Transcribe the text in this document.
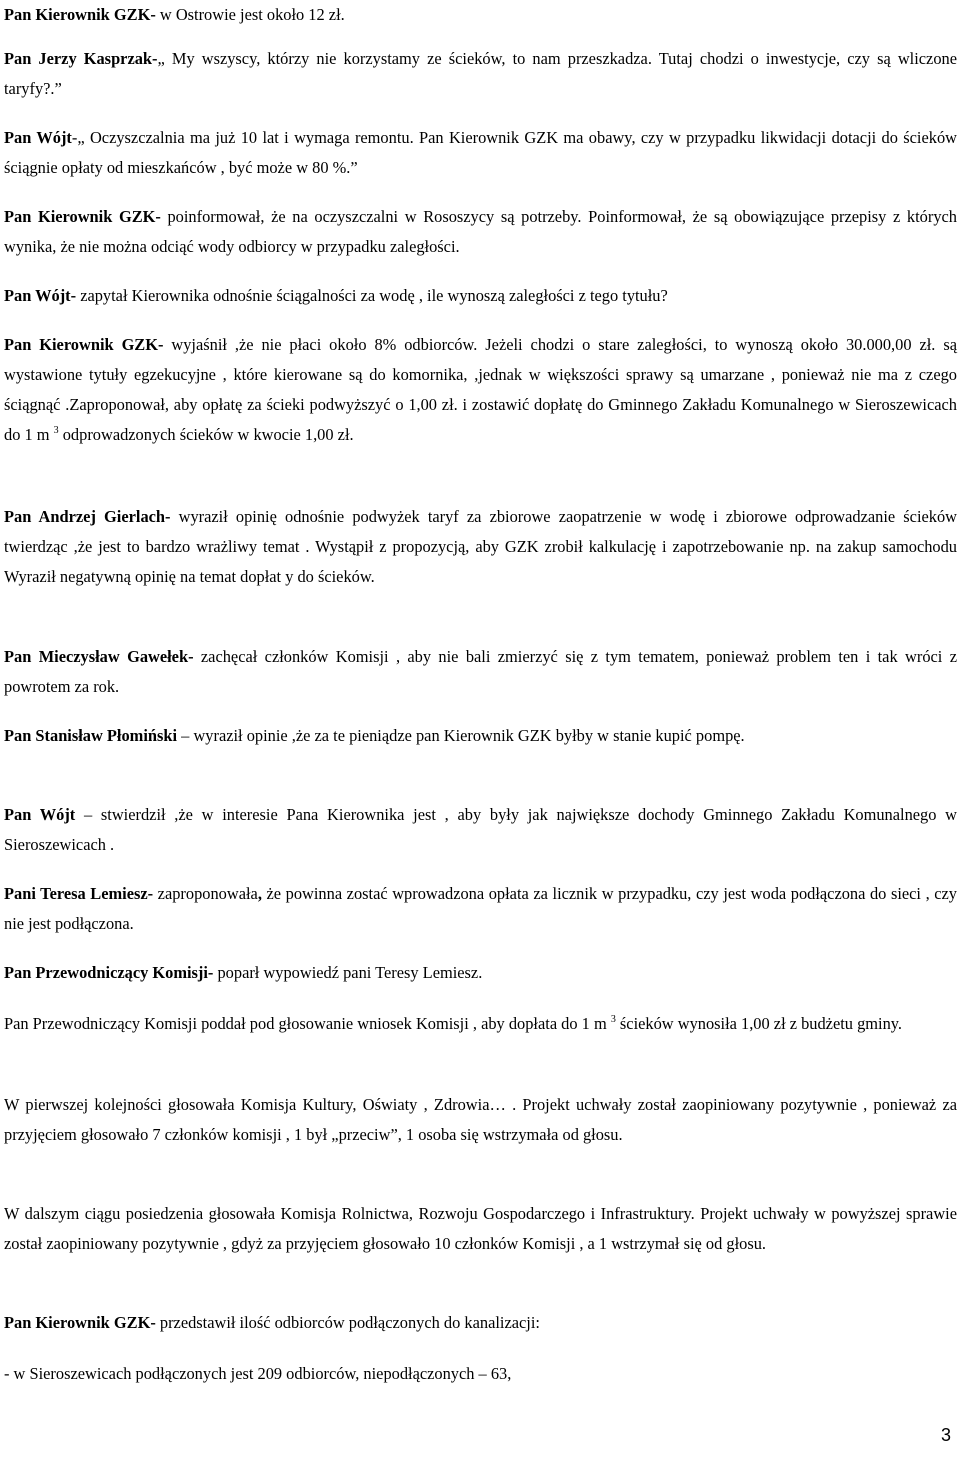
Pan Kierownik GZK- w Ostrowie jest około 12 zł.

Pan Jerzy Kasprzak-„ My wszyscy, którzy nie korzystamy ze ścieków, to nam przeszkadza. Tutaj chodzi o inwestycje, czy są wliczone taryfy?.”

Pan Wójt-„ Oczyszczalnia ma już 10 lat i wymaga remontu. Pan Kierownik GZK ma obawy, czy w przypadku likwidacji dotacji do ścieków ściągnie opłaty od mieszkańców , być może w 80 %.”

Pan Kierownik GZK- poinformował, że na oczyszczalni w Rososzycy są potrzeby. Poinformował, że są obowiązujące przepisy z których wynika, że nie można odciąć wody odbiorcy w przypadku zaległości.

Pan Wójt- zapytał Kierownika odnośnie ściągalności za wodę , ile wynoszą zaległości z tego tytułu?

Pan Kierownik GZK- wyjaśnił ,że nie płaci około 8% odbiorców. Jeżeli chodzi o stare zaległości, to wynoszą około 30.000,00 zł. są wystawione tytuły egzekucyjne , które kierowane są do komornika, ,jednak w większości sprawy są umarzane , ponieważ nie ma z czego ściągnąć .Zaproponował, aby opłatę za ścieki podwyższyć o 1,00 zł. i zostawić dopłatę do Gminnego Zakładu Komunalnego w Sieroszewicach do 1 m $^3$ odprowadzonych ścieków w kwocie 1,00 zł.

Pan Andrzej Gierlach- wyraził opinię odnośnie podwyżek taryf za zbiorowe zaopatrzenie w wodę i zbiorowe odprowadzanie ścieków twierdząc ,że jest to bardzo wrażliwy temat . Wystąpił z propozycją, aby GZK zrobił kalkulację i zapotrzebowanie np. na zakup samochodu Wyraził negatywną opinię na temat dopłat y do ścieków.

Pan Mieczysław Gawełek- zachęcał członków Komisji , aby nie bali zmierzyć się z tym tematem, ponieważ problem ten i tak wróci z powrotem za rok.

Pan Stanisław Płomiński – wyraził opinie ,że za te pieniądze pan Kierownik GZK byłby w stanie kupić pompę.

Pan Wójt – stwierdził ,że w interesie Pana Kierownika jest , aby były jak największe dochody Gminnego Zakładu Komunalnego w Sieroszewicach .

Pani Teresa Lemiesz- zaproponowała, że powinna zostać wprowadzona opłata za licznik w przypadku, czy jest woda podłączona do sieci , czy nie jest podłączona.

Pan Przewodniczący Komisji- poparł wypowiedź pani Teresy Lemiesz.

Pan Przewodniczący Komisji poddał pod głosowanie wniosek Komisji , aby dopłata do 1 m $^3$ ścieków wynosiła 1,00 zł z budżetu gminy.

W pierwszej kolejności głosowała Komisja Kultury, Oświaty , Zdrowia… . Projekt uchwały został zaopiniowany pozytywnie , ponieważ za przyjęciem głosowało 7 członków komisji , 1 był „przeciw”, 1 osoba się wstrzymała od głosu.

W dalszym ciągu posiedzenia głosowała Komisja Rolnictwa, Rozwoju Gospodarczego i Infrastruktury. Projekt uchwały w powyższej sprawie został zaopiniowany pozytywnie , gdyż za przyjęciem głosowało 10 członków Komisji , a 1 wstrzymał się od głosu.

Pan Kierownik GZK- przedstawił ilość odbiorców podłączonych do kanalizacji:

- w Sieroszewicach podłączonych jest 209 odbiorców, niepodłączonych – 63,

3
